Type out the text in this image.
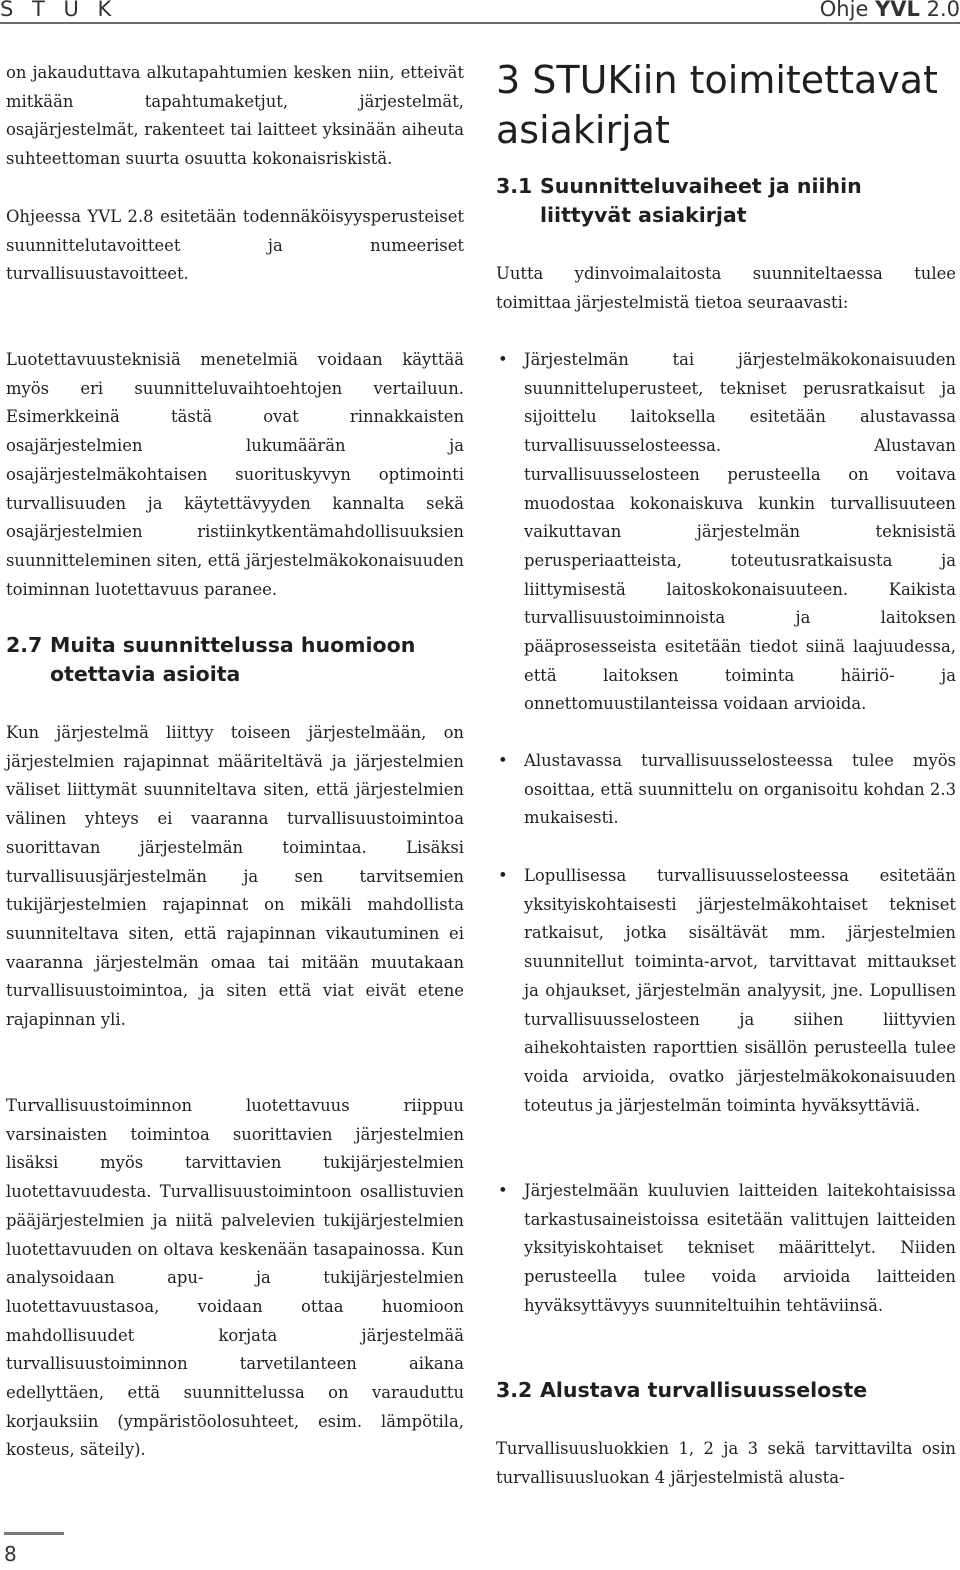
S T U K	Ohje YVL 2.0

on jakauduttava alkutapahtumien kesken niin, etteivät mitkään tapahtumaketjut, järjestelmät, osajärjestelmät, rakenteet tai laitteet yksinään aiheuta suhteettoman suurta osuutta kokonaisriskistä.

Ohjeessa YVL 2.8 esitetään todennäköisyysperusteiset suunnittelutavoitteet ja numeeriset turvallisuustavoitteet.

Luotettavuusteknisiä menetelmiä voidaan käyttää myös eri suunnitteluvaihtoehtojen vertailuun. Esimerkkeinä tästä ovat rinnakkaisten osajärjestelmien lukumäärän ja osajärjestelmäkohtaisen suorituskyvyn optimointi turvallisuuden ja käytettävyyden kannalta sekä osajärjestelmien ristiinkytkentämahdollisuuksien suunnitteleminen siten, että järjestelmäkokonaisuuden toiminnan luotettavuus paranee.

2.7 Muita suunnittelussa huomioon otettavia asioita

Kun järjestelmä liittyy toiseen järjestelmään, on järjestelmien rajapinnat määriteltävä ja järjestelmien väliset liittymät suunniteltava siten, että järjestelmien välinen yhteys ei vaaranna turvallisuustoimintoa suorittavan järjestelmän toimintaa. Lisäksi turvallisuusjärjestelmän ja sen tarvitsemien tukijärjestelmien rajapinnat on mikäli mahdollista suunniteltava siten, että rajapinnan vikautuminen ei vaaranna järjestelmän omaa tai mitään muutakaan turvallisuustoimintoa, ja siten että viat eivät etene rajapinnan yli.

Turvallisuustoiminnon luotettavuus riippuu varsinaisten toimintoa suorittavien järjestelmien lisäksi myös tarvittavien tukijärjestelmien luotettavuudesta. Turvallisuustoimintoon osallistuvien pääjärjestelmien ja niitä palvelevien tukijärjestelmien luotettavuuden on oltava keskenään tasapainossa. Kun analysoidaan apu- ja tukijärjestelmien luotettavuustasoa, voidaan ottaa huomioon mahdollisuudet korjata järjestelmää turvallisuustoiminnon tarvetilanteen aikana edellyttäen, että suunnittelussa on varauduttu korjauksiin (ympäristöolosuhteet, esim. lämpötila, kosteus, säteily).

3 STUKiin toimitettavat asiakirjat
3.1 Suunnitteluvaiheet ja niihin liittyvät asiakirjat

Uutta ydinvoimalaitosta suunniteltaessa tulee toimittaa järjestelmistä tietoa seuraavasti:

• Järjestelmän tai järjestelmäkokonaisuuden suunnitteluperusteet, tekniset perusratkaisut ja sijoittelu laitoksella esitetään alustavassa turvallisuusselosteessa. Alustavan turvallisuusselosteen perusteella on voitava muodostaa kokonaiskuva kunkin turvallisuuteen vaikuttavan järjestelmän teknisistä perusperiaatteista, toteutusratkaisusta ja liittymisestä laitoskokonaisuuteen. Kaikista turvallisuustoiminnoista ja laitoksen pääprosesseista esitetään tiedot siinä laajuudessa, että laitoksen toiminta häiriö- ja onnettomuustilanteissa voidaan arvioida.
• Alustavassa turvallisuusselosteessa tulee myös osoittaa, että suunnittelu on organisoitu kohdan 2.3 mukaisesti.
• Lopullisessa turvallisuusselosteessa esitetään yksityiskohtaisesti järjestelmäkohtaiset tekniset ratkaisut, jotka sisältävät mm. järjestelmien suunnitellut toiminta-arvot, tarvittavat mittaukset ja ohjaukset, järjestelmän analyysit, jne. Lopullisen turvallisuusselosteen ja siihen liittyvien aihekohtaisten raporttien sisällön perusteella tulee voida arvioida, ovatko järjestelmäkokonaisuuden toteutus ja järjestelmän toiminta hyväksyttäviä.
• Järjestelmään kuuluvien laitteiden laitekohtaisissa tarkastusaineistoissa esitetään valittujen laitteiden yksityiskohtaiset tekniset määrittelyt. Niiden perusteella tulee voida arvioida laitteiden hyväksyttävyys suunniteltuihin tehtäviinsä.
3.2 Alustava turvallisuusseloste

Turvallisuusluokkien 1, 2 ja 3 sekä tarvittavilta osin turvallisuusluokan 4 järjestelmistä alusta-

8
